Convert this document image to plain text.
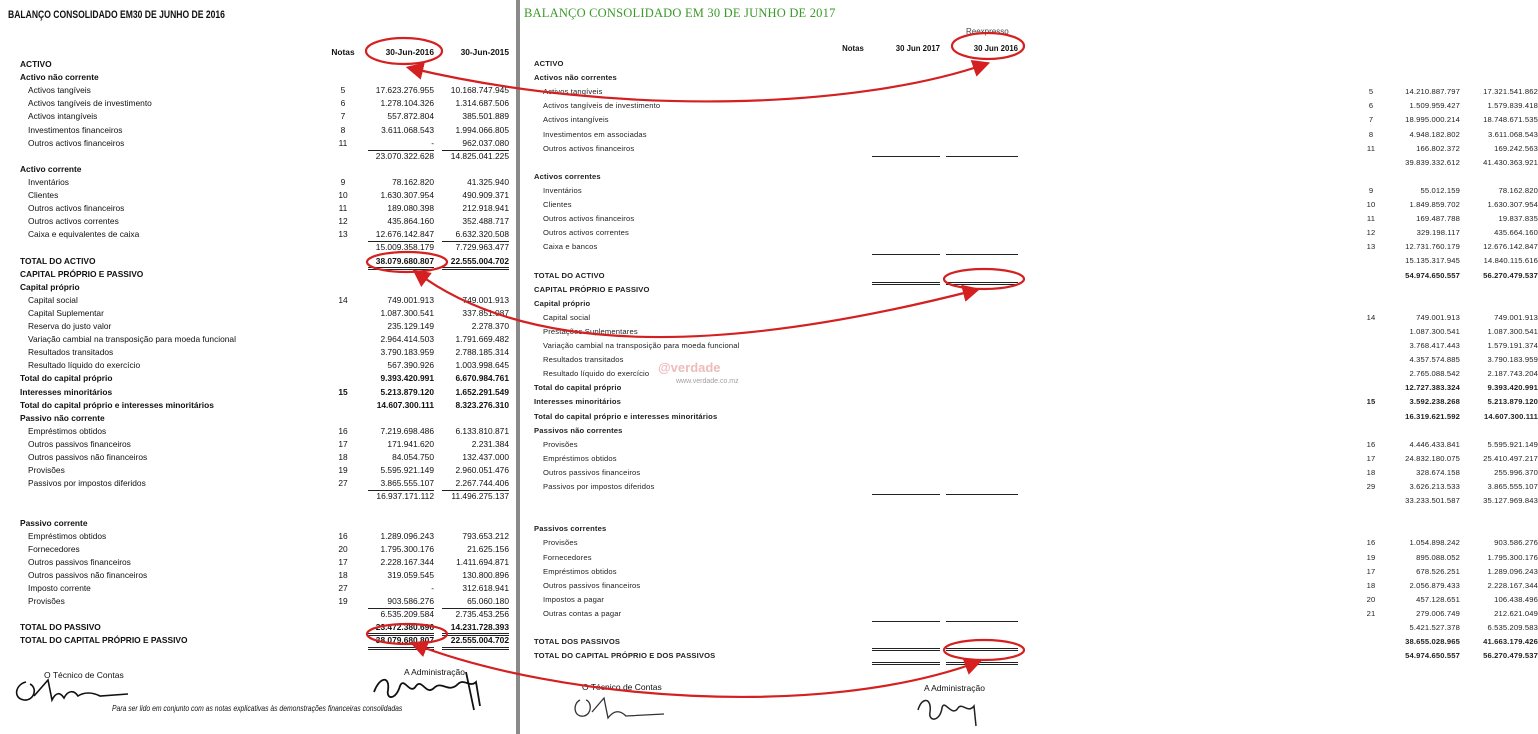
BALANÇO CONSOLIDADO EM30 DE JUNHO DE 2016
Notas	30-Jun-2016	30-Jun-2015
ACTIVO
Activo não corrente
Activos tangíveis	5	17.623.276.955	10.168.747.945
Activos tangíveis de investimento	6	1.278.104.326	1.314.687.506
Activos intangíveis	7	557.872.804	385.501.889
Investimentos financeiros	8	3.611.068.543	1.994.066.805
Outros activos financeiros	11	-	962.037.080
23.070.322.628	14.825.041.225
Activo corrente
Inventários	9	78.162.820	41.325.940
Clientes	10	1.630.307.954	490.909.371
Outros activos financeiros	11	189.080.398	212.918.941
Outros activos correntes	12	435.864.160	352.488.717
Caixa e equivalentes de caixa	13	12.676.142.847	6.632.320.508
15.009.358.179	7.729.963.477
TOTAL DO ACTIVO	38.079.680.807	22.555.004.702
CAPITAL PRÓPRIO E PASSIVO
Capital próprio
Capital social	14	749.001.913	749.001.913
Capital Suplementar	1.087.300.541	337.851.087
Reserva do justo valor	235.129.149	2.278.370
Variação cambial na transposição para moeda funcional	2.964.414.503	1.791.669.482
Resultados transitados	3.790.183.959	2.788.185.314
Resultado líquido do exercício	567.390.926	1.003.998.645
Total do capital próprio	9.393.420.991	6.670.984.761
Interesses minoritários	15	5.213.879.120	1.652.291.549
Total do capital próprio e interesses minoritários	14.607.300.111	8.323.276.310
Passivo não corrente
Empréstimos obtidos	16	7.219.698.486	6.133.810.871
Outros passivos financeiros	17	171.941.620	2.231.384
Outros passivos não financeiros	18	84.054.750	132.437.000
Provisões	19	5.595.921.149	2.960.051.476
Passivos por impostos diferidos	27	3.865.555.107	2.267.744.406
16.937.171.112	11.496.275.137
Passivo corrente
Empréstimos obtidos	16	1.289.096.243	793.653.212
Fornecedores	20	1.795.300.176	21.625.156
Outros passivos financeiros	17	2.228.167.344	1.411.694.871
Outros passivos não financeiros	18	319.059.545	130.800.896
Imposto corrente	27	-	312.618.941
Provisões	19	903.586.276	65.060.180
6.535.209.584	2.735.453.256
TOTAL DO PASSIVO	23.472.380.696	14.231.728.393
TOTAL DO CAPITAL PRÓPRIO E PASSIVO	38.079.680.807	22.555.004.702
O Técnico de Contas	A Administração
Para ser lido em conjunto com as notas explicativas às demonstrações financeiras consolidadas
ACTIVO
Activos não correntes
Activos tangíveis	5	14.210.887.797	17.321.541.862
Activos tangíveis de investimento	6	1.509.959.427	1.579.839.418
Activos intangíveis	7	18.995.000.214	18.748.671.535
Investimentos em associadas	8	4.948.182.802	3.611.068.543
Outros activos financeiros	11	166.802.372	169.242.563
39.839.332.612	41.430.363.921
Activos correntes
Inventários	9	55.012.159	78.162.820
Clientes	10	1.849.859.702	1.630.307.954
Outros activos financeiros	11	169.487.788	19.837.835
Outros activos correntes	12	329.198.117	435.664.160
Caixa e bancos	13	12.731.760.179	12.676.142.847
15.135.317.945	14.840.115.616
TOTAL DO ACTIVO	54.974.650.557	56.270.479.537
CAPITAL PRÓPRIO E PASSIVO
Capital próprio
Capital social	14	749.001.913	749.001.913
Prestações Suplementares	1.087.300.541	1.087.300.541
Variação cambial na transposição para moeda funcional	3.768.417.443	1.579.191.374
Resultados transitados	4.357.574.885	3.790.183.959
Resultado líquido do exercício	2.765.088.542	2.187.743.204
Total do capital próprio	12.727.383.324	9.393.420.991
Interesses minoritários	15	3.592.238.268	5.213.879.120
Total do capital próprio e interesses minoritários	16.319.621.592	14.607.300.111
Passivos não correntes
Provisões	16	4.446.433.841	5.595.921.149
Empréstimos obtidos	17	24.832.180.075	25.410.497.217
Outros passivos financeiros	18	328.674.158	255.996.370
Passivos por impostos diferidos	29	3.626.213.533	3.865.555.107
33.233.501.587	35.127.969.843
Passivos correntes
Provisões	16	1.054.898.242	903.586.276
Fornecedores	19	895.088.052	1.795.300.176
Empréstimos obtidos	17	678.526.251	1.289.096.243
Outros passivos financeiros	18	2.056.879.433	2.228.167.344
Impostos a pagar	20	457.128.651	106.438.496
Outras contas a pagar	21	279.006.749	212.621.049
5.421.527.378	6.535.209.583
TOTAL DOS PASSIVOS	38.655.028.965	41.663.179.426
TOTAL DO CAPITAL PRÓPRIO E DOS PASSIVOS	54.974.650.557	56.270.479.537
O Técnico de Contas	A Administração
BALANÇO CONSOLIDADO EM 30 DE JUNHO DE 2017
Reexpresso
Notas	30 Jun 2017	30 Jun 2016
@verdade
www.verdade.co.mz
